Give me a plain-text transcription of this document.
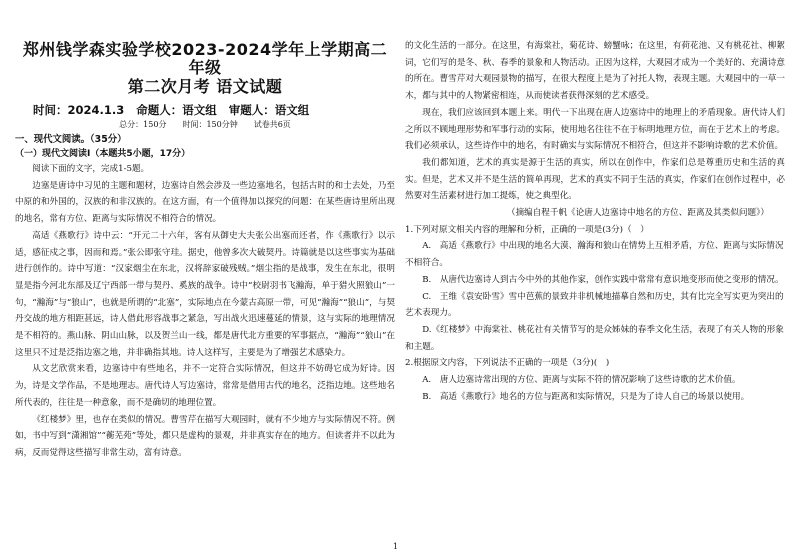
郑州钱学森实验学校2023-2024学年上学期高二年级
第二次月考 语文试题
时间：2024.1.3 命题人：语文组 审题人：语文组
总分：150分　　时间：150分钟　　试卷共6页
一、现代文阅读。（35分）
（一）现代文阅读Ⅰ（本题共5小题，17分）

阅读下面的文字，完成1-5题。

边塞是唐诗中习见的主题和题材，边塞诗自然会涉及一些边塞地名，包括古时的和士去处，乃至中原的和外国的，汉族的和非汉族的。在这方面，有一个值得加以探究的问题：在某些唐诗里所出现的地名，常有方位、距离与实际情况不相符合的情况。

高适《燕歌行》诗中云：“开元二十六年，客有从御史大夫张公出塞而还者，作《燕歌行》以示适，感征戍之事，因而和焉。”张公即张守珪。据史，他曾多次大破契丹。诗篇就是以这些事实为基础进行创作的。诗中写道：“汉家烟尘在东北，汉将辞家破残贼。”烟尘指的是战事，发生在东北，很明显是指今河北东部及辽宁西部一带与契丹、奚族的战争。诗中“校尉羽书飞瀚海，单于猎火照狼山”一句，“瀚海”与“狼山”，也就是所谓的“北塞”，实际地点在今蒙古高原一带，可见“瀚海”“狼山”，与契丹交战的地方相距甚远，诗人借此形容战事之紧急，写出战火迅速蔓延的情景，这与实际的地理情况是不相符的。燕山脉、阴山山脉，以及贺兰山一线，都是唐代北方重要的军事据点，“瀚海”“狼山”在这里只不过是泛指边塞之地，并非确指其地。诗人这样写，主要是为了增强艺术感染力。

从文艺欣赏来看，边塞诗中有些地名，并不一定符合实际情况，但这并不妨碍它成为好诗。因为，诗是文学作品，不是地理志。唐代诗人写边塞诗，常常是借用古代的地名，泛指边地。这些地名所代表的，往往是一种意象，而不是确切的地理位置。

《红楼梦》里，也存在类似的情况。曹雪芹在描写大观园时，就有不少地方与实际情况不符。例如，书中写到“潇湘馆”“蘅芜苑”等处，都只是虚构的景观，并非真实存在的地方。但读者并不以此为病，反而觉得这些描写非常生动，富有诗意。

的文化生活的一部分。在这里，有海棠社，菊花诗、螃蟹咏；在这里，有荷花池、又有桃花社、柳絮词，它们写的是冬、秋、春季的景象和人物活动。正因为这样，大观园才成为一个美好的、充满诗意的所在。曹雪芹对大观园景物的描写，在很大程度上是为了衬托人物，表现主题。大观园中的一草一木，都与其中的人物紧密相连，从而使读者获得深刻的艺术感受。

现在，我们应该回到本题上来。明代一下出现在唐人边塞诗中的地理上的矛盾现象。唐代诗人们之所以不顾地理形势和军事行动的实际，使用地名往往不在于标明地理方位，而在于艺术上的考虑。我们必须承认，这些诗作中的地名，有时确实与实际情况不相符合，但这并不影响诗歌的艺术价值。

我们都知道，艺术的真实是源于生活的真实，所以在创作中，作家们总是尊重历史和生活的真实。但是，艺术又并不是生活的简单再现，艺术的真实不同于生活的真实，作家们在创作过程中，必然要对生活素材进行加工提炼，使之典型化。

（摘编自程千帆《论唐人边塞诗中地名的方位、距离及其类似问题》）

1.下列对原文相关内容的理解和分析，正确的一项是(3分)（　）

A.　高适《燕歌行》中出现的地名大漠、瀚海和狼山在情势上互相矛盾，方位、距离与实际情况不相符合。

B.　从唐代边塞诗人到古今中外的其他作家，创作实践中常常有意识地变形而使之变形的情况。

C.　王维《袁安卧雪》雪中芭蕉的景致并非机械地描摹自然和历史，其有比完全写实更为突出的艺术表现力。

D.《红楼梦》中海棠社、桃花社有关情节写的是众姊妹的春季文化生活，表现了有关人物的形象和主题。

2.根据原文内容，下列说法不正确的一项是（3分)(　)

A.　唐人边塞诗常出现的方位、距离与实际不符的情况影响了这些诗歌的艺术价值。

B.　高适《燕歌行》地名的方位与距离和实际情况，只是为了诗人自己的场景以使用。

1
